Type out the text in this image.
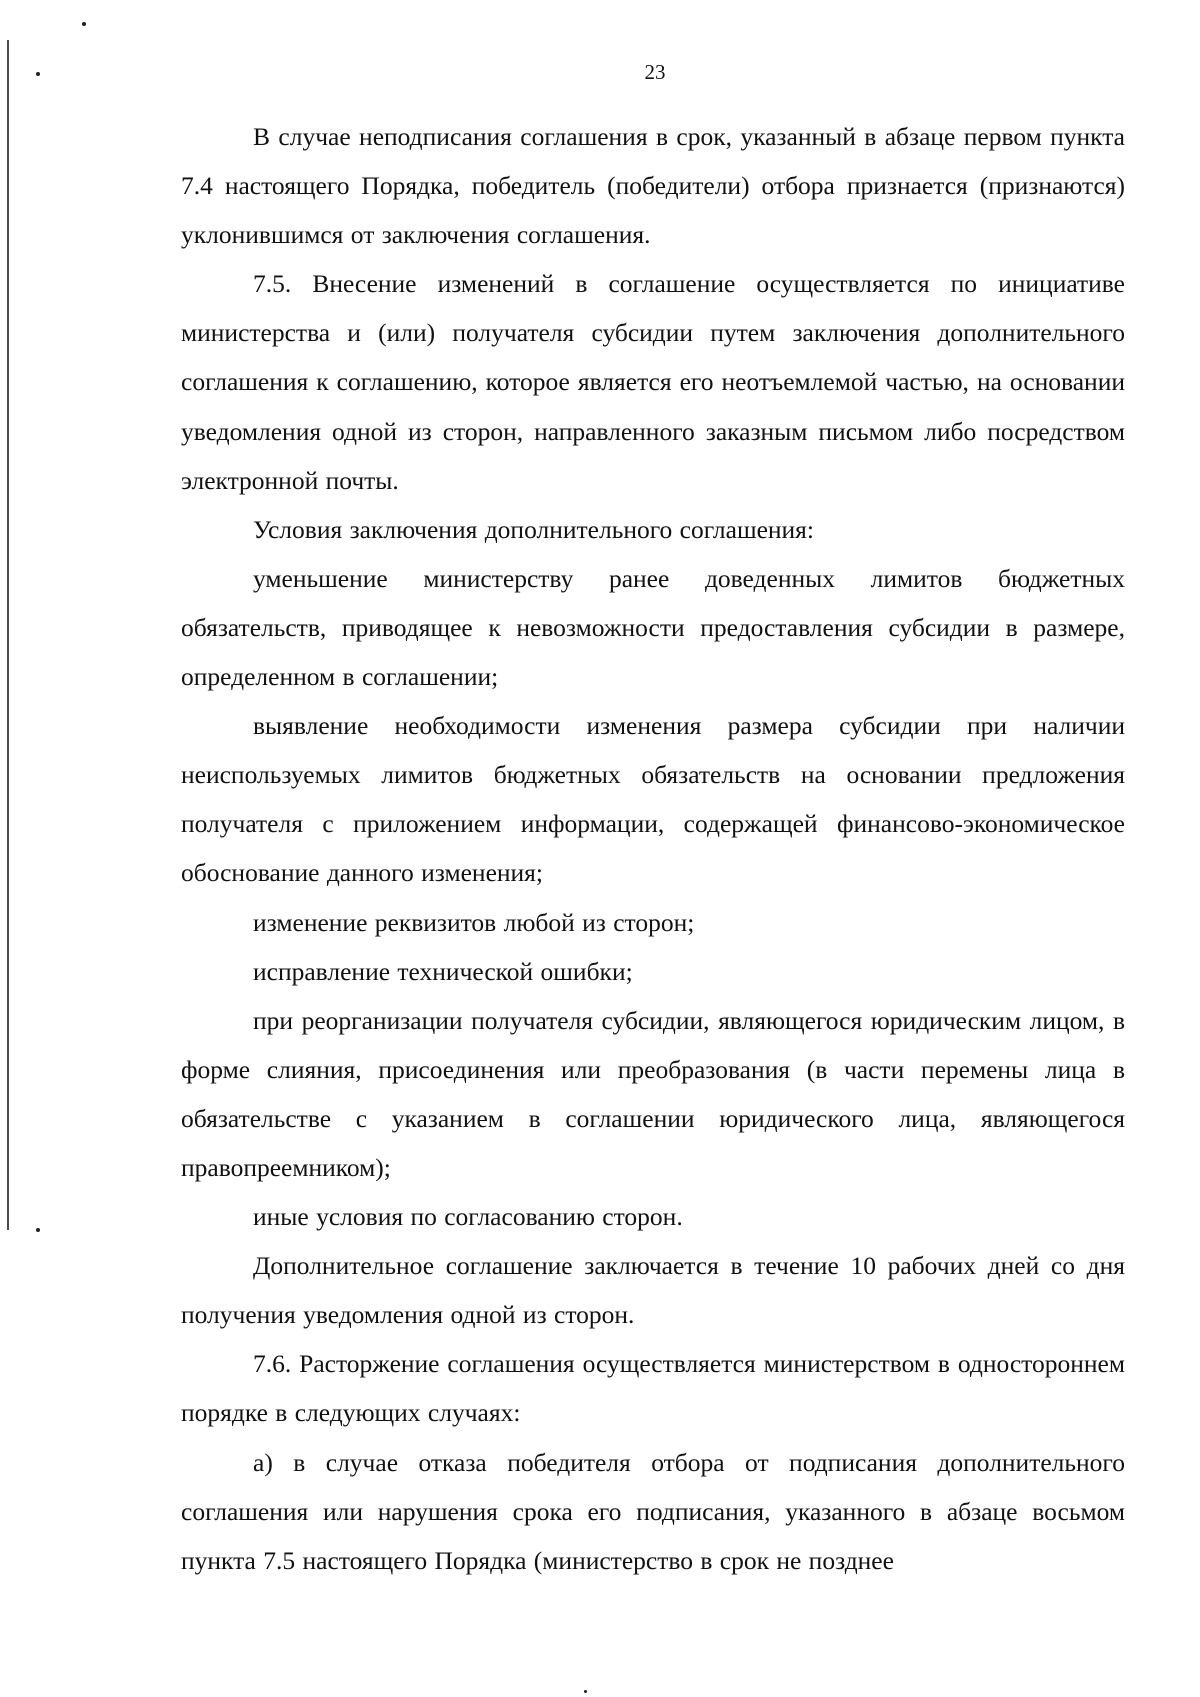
23

В случае неподписания соглашения в срок, указанный в абзаце первом пункта 7.4 настоящего Порядка, победитель (победители) отбора признается (признаются) уклонившимся от заключения соглашения.

7.5. Внесение изменений в соглашение осуществляется по инициативе министерства и (или) получателя субсидии путем заключения дополнительного соглашения к соглашению, которое является его неотъемлемой частью, на основании уведомления одной из сторон, направленного заказным письмом либо посредством электронной почты.

Условия заключения дополнительного соглашения:

уменьшение министерству ранее доведенных лимитов бюджетных обязательств, приводящее к невозможности предоставления субсидии в размере, определенном в соглашении;

выявление необходимости изменения размера субсидии при наличии неиспользуемых лимитов бюджетных обязательств на основании предложения получателя с приложением информации, содержащей финансово-экономическое обоснование данного изменения;

изменение реквизитов любой из сторон;

исправление технической ошибки;

при реорганизации получателя субсидии, являющегося юридическим лицом, в форме слияния, присоединения или преобразования (в части перемены лица в обязательстве с указанием в соглашении юридического лица, являющегося правопреемником);

иные условия по согласованию сторон.

Дополнительное соглашение заключается в течение 10 рабочих дней со дня получения уведомления одной из сторон.

7.6. Расторжение соглашения осуществляется министерством в одностороннем порядке в следующих случаях:

а) в случае отказа победителя отбора от подписания дополнительного соглашения или нарушения срока его подписания, указанного в абзаце восьмом пункта 7.5 настоящего Порядка (министерство в срок не позднее
